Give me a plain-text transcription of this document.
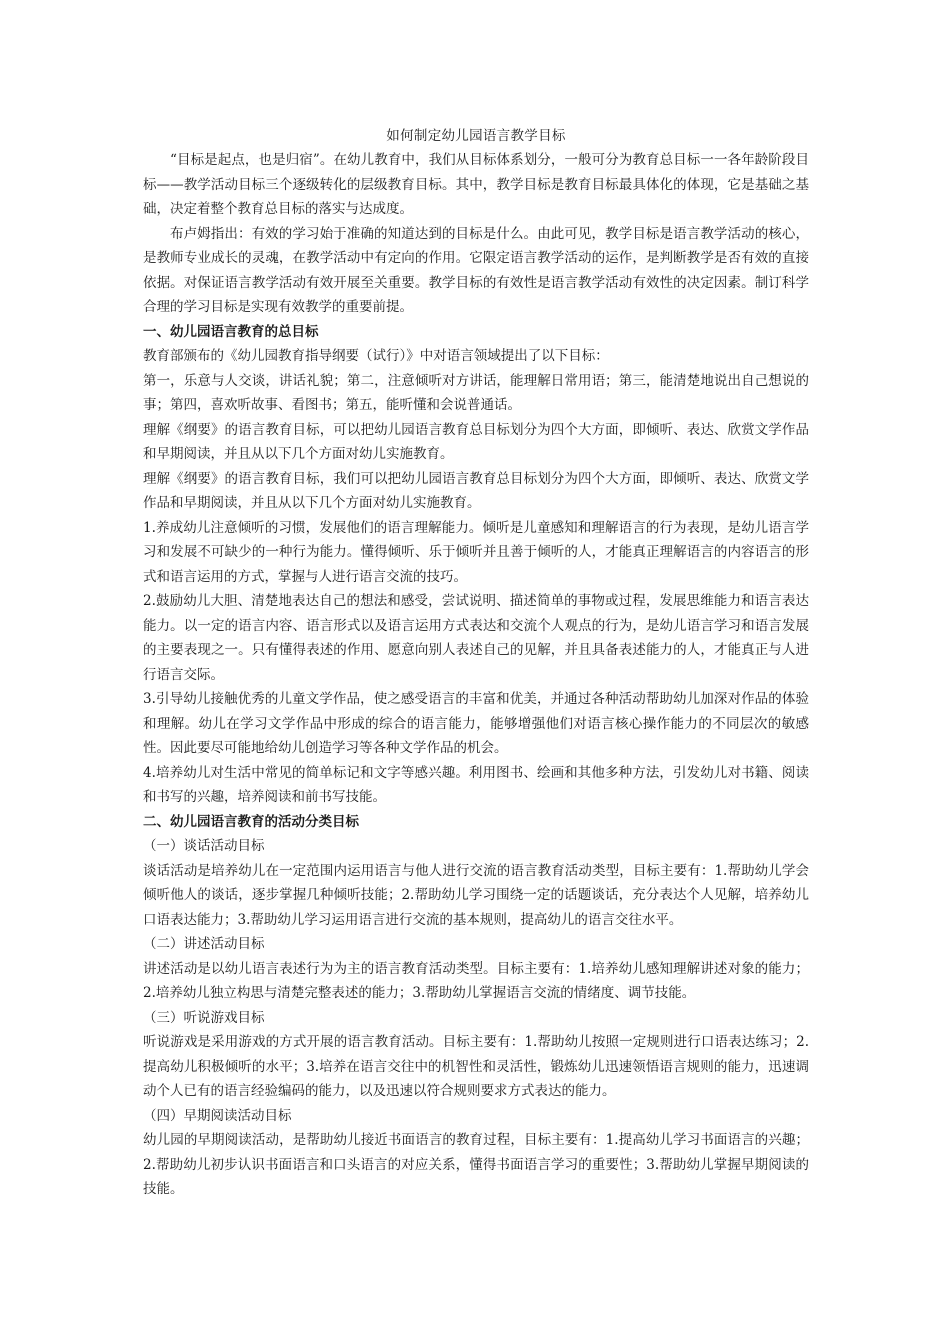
如何制定幼儿园语言教学目标

“目标是起点，也是归宿”。在幼儿教育中，我们从目标体系划分，一般可分为教育总目标一一各年龄阶段目标——教学活动目标三个逐级转化的层级教育目标。其中，教学目标是教育目标最具体化的体现，它是基础之基础，决定着整个教育总目标的落实与达成度。

布卢姆指出：有效的学习始于准确的知道达到的目标是什么。由此可见，教学目标是语言教学活动的核心，是教师专业成长的灵魂，在教学活动中有定向的作用。它限定语言教学活动的运作，是判断教学是否有效的直接依据。对保证语言教学活动有效开展至关重要。教学目标的有效性是语言教学活动有效性的决定因素。制订科学合理的学习目标是实现有效教学的重要前提。

一、幼儿园语言教育的总目标

教育部颁布的《幼儿园教育指导纲要（试行）》中对语言领域提出了以下目标：

第一，乐意与人交谈，讲话礼貌；第二，注意倾听对方讲话，能理解日常用语；第三，能清楚地说出自己想说的事；第四，喜欢听故事、看图书；第五，能听懂和会说普通话。

理解《纲要》的语言教育目标，可以把幼儿园语言教育总目标划分为四个大方面，即倾听、表达、欣赏文学作品和早期阅读，并且从以下几个方面对幼儿实施教育。

理解《纲要》的语言教育目标，我们可以把幼儿园语言教育总目标划分为四个大方面，即倾听、表达、欣赏文学作品和早期阅读，并且从以下几个方面对幼儿实施教育。

1.养成幼儿注意倾听的习惯，发展他们的语言理解能力。倾听是儿童感知和理解语言的行为表现，是幼儿语言学习和发展不可缺少的一种行为能力。懂得倾听、乐于倾听并且善于倾听的人，才能真正理解语言的内容语言的形式和语言运用的方式，掌握与人进行语言交流的技巧。

2.鼓励幼儿大胆、清楚地表达自己的想法和感受，尝试说明、描述简单的事物或过程，发展思维能力和语言表达能力。以一定的语言内容、语言形式以及语言运用方式表达和交流个人观点的行为，是幼儿语言学习和语言发展的主要表现之一。只有懂得表述的作用、愿意向别人表述自己的见解，并且具备表述能力的人，才能真正与人进行语言交际。

3.引导幼儿接触优秀的儿童文学作品，使之感受语言的丰富和优美，并通过各种活动帮助幼儿加深对作品的体验和理解。幼儿在学习文学作品中形成的综合的语言能力，能够增强他们对语言核心操作能力的不同层次的敏感性。因此要尽可能地给幼儿创造学习等各种文学作品的机会。

4.培养幼儿对生活中常见的简单标记和文字等感兴趣。利用图书、绘画和其他多种方法，引发幼儿对书籍、阅读和书写的兴趣，培养阅读和前书写技能。

二、幼儿园语言教育的活动分类目标

（一）谈话活动目标

谈话活动是培养幼儿在一定范围内运用语言与他人进行交流的语言教育活动类型，目标主要有：1.帮助幼儿学会倾听他人的谈话，逐步掌握几种倾听技能；2.帮助幼儿学习围绕一定的话题谈话，充分表达个人见解，培养幼儿口语表达能力；3.帮助幼儿学习运用语言进行交流的基本规则，提高幼儿的语言交往水平。

（二）讲述活动目标

讲述活动是以幼儿语言表述行为为主的语言教育活动类型。目标主要有：1.培养幼儿感知理解讲述对象的能力；2.培养幼儿独立构思与清楚完整表述的能力；3.帮助幼儿掌握语言交流的情绪度、调节技能。

（三）听说游戏目标

听说游戏是采用游戏的方式开展的语言教育活动。目标主要有：1.帮助幼儿按照一定规则进行口语表达练习；2.提高幼儿积极倾听的水平；3.培养在语言交往中的机智性和灵活性，锻炼幼儿迅速领悟语言规则的能力，迅速调动个人已有的语言经验编码的能力，以及迅速以符合规则要求方式表达的能力。

（四）早期阅读活动目标

幼儿园的早期阅读活动，是帮助幼儿接近书面语言的教育过程，目标主要有：1.提高幼儿学习书面语言的兴趣；2.帮助幼儿初步认识书面语言和口头语言的对应关系，懂得书面语言学习的重要性；3.帮助幼儿掌握早期阅读的技能。
